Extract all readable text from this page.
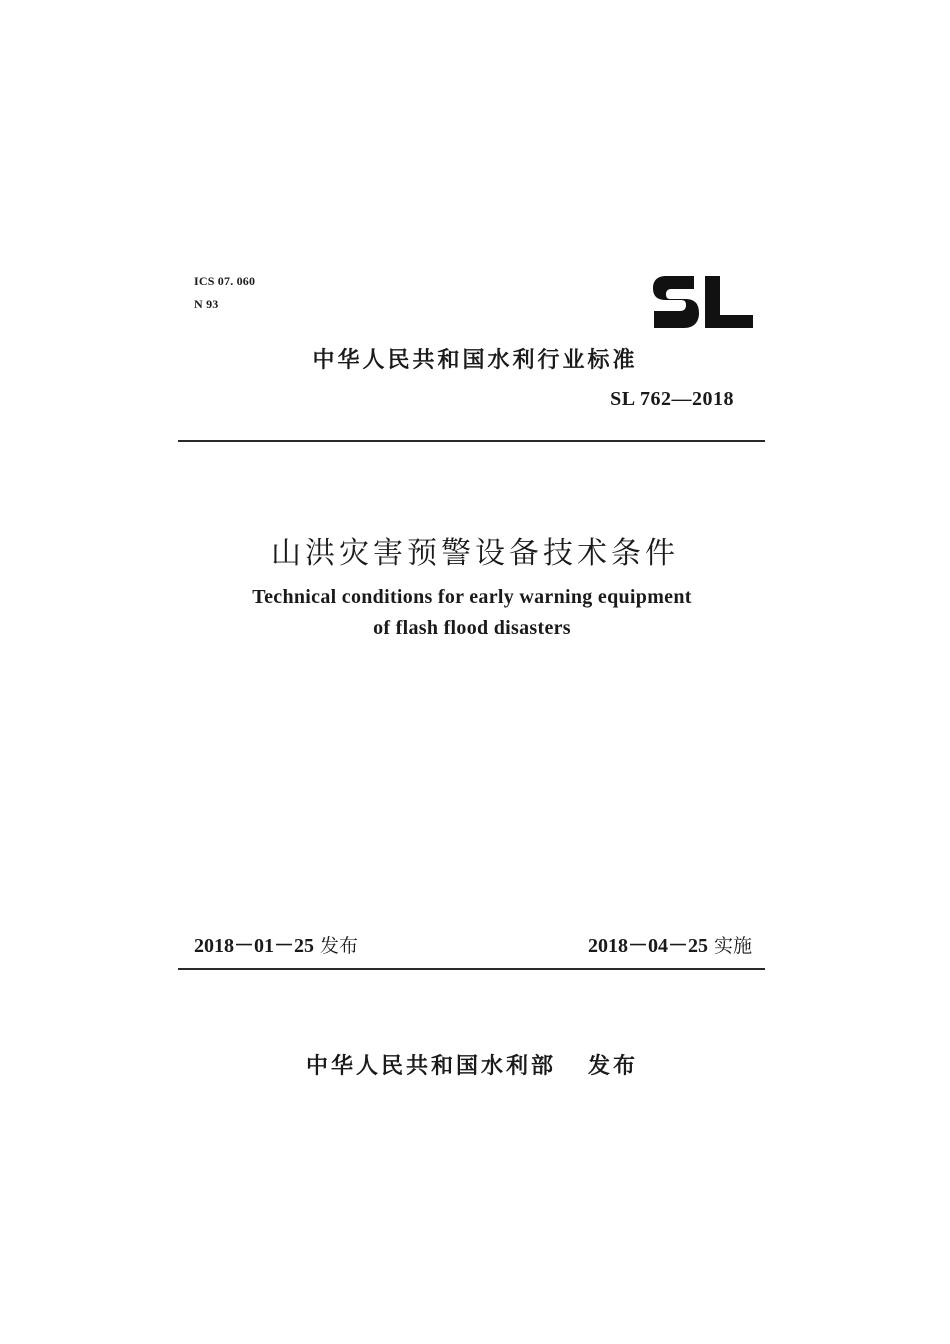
ICS 07. 060
N 93
中华人民共和国水利行业标准
SL 762—2018
山洪灾害预警设备技术条件
Technical conditions for early warning equipment
of flash flood disasters
2018－01－25 发布	2018－04－25 实施
中华人民共和国水利部 发布
